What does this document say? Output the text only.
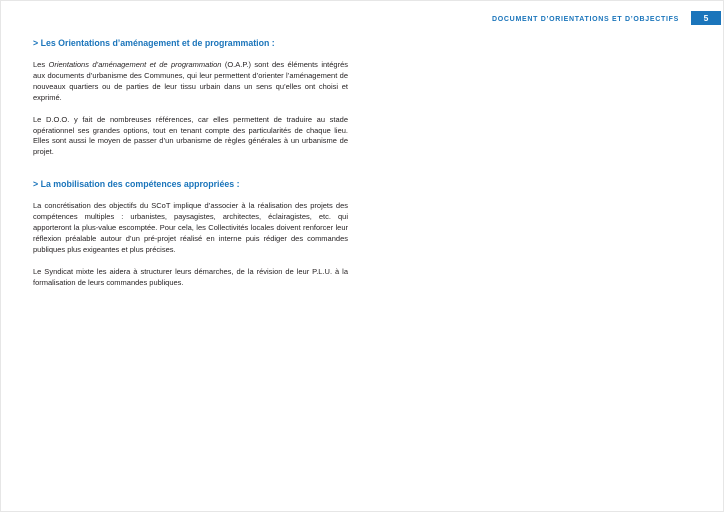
DOCUMENT D’ORIENTATIONS ET D’OBJECTIFS	5
> Les Orientations d’aménagement et de programmation :

Les Orientations d’aménagement et de programmation (O.A.P.) sont des éléments intégrés aux documents d’urbanisme des Communes, qui leur permettent d’orienter l’aménagement de nouveaux quartiers ou de parties de leur tissu urbain dans un sens qu’elles ont choisi et exprimé.

Le D.O.O. y fait de nombreuses références, car elles permettent de traduire au stade opérationnel ses grandes options, tout en tenant compte des particularités de chaque lieu. Elles sont aussi le moyen de passer d’un urbanisme de règles générales à un urbanisme de projet.

> La mobilisation des compétences appropriées :

La concrétisation des objectifs du SCoT implique d’associer à la réalisation des projets des compétences multiples : urbanistes, paysagistes, architectes, éclairagistes, etc. qui apporteront la plus-value escomptée. Pour cela, les Collectivités locales doivent renforcer leur réflexion préalable autour d’un pré-projet réalisé en interne puis rédiger des commandes publiques plus exigeantes et plus précises.

Le Syndicat mixte les aidera à structurer leurs démarches, de la révision de leur P.L.U. à la formalisation de leurs commandes publiques.
